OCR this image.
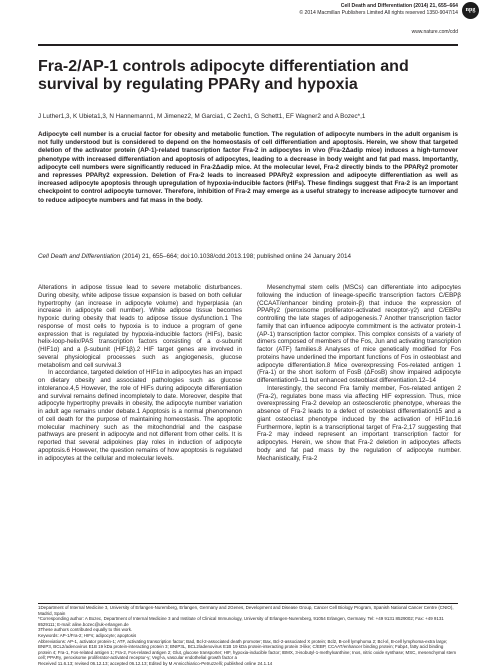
Cell Death and Differentiation (2014) 21, 655–664
© 2014 Macmillan Publishers Limited All rights reserved 1350-9047/14
www.nature.com/cdd
npg
Fra-2/AP-1 controls adipocyte differentiation and survival by regulating PPARγ and hypoxia
J Luther1,3, K Ubieta1,3, N Hannemann1, M Jimenez2, M Garcia1, C Zech1, G Schett1, EF Wagner2 and A Bozec*,1

Adipocyte cell number is a crucial factor for obesity and metabolic function. The regulation of adipocyte numbers in the adult organism is not fully understood but is considered to depend on the homeostasis of cell differentiation and apoptosis. Herein, we show that targeted deletion of the activator protein (AP-1)-related transcription factor Fra-2 in adipocytes in vivo (Fra-2Δadip mice) induces a high-turnover phenotype with increased differentiation and apoptosis of adipocytes, leading to a decrease in body weight and fat pad mass. Importantly, adipocyte cell numbers were significantly reduced in Fra-2Δadip mice. At the molecular level, Fra-2 directly binds to the PPARγ2 promoter and represses PPARγ2 expression. Deletion of Fra-2 leads to increased PPARγ2 expression and adipocyte differentiation as well as increased adipocyte apoptosis through upregulation of hypoxia-inducible factors (HIFs). These findings suggest that Fra-2 is an important checkpoint to control adipocyte turnover. Therefore, inhibition of Fra-2 may emerge as a useful strategy to increase adipocyte turnover and to reduce adipocyte numbers and fat mass in the body.

Cell Death and Differentiation (2014) 21, 655–664; doi:10.1038/cdd.2013.198; published online 24 January 2014

Alterations in adipose tissue lead to severe metabolic disturbances. During obesity, white adipose tissue expansion is based on both cellular hypertrophy (an increase in adipocyte volume) and hyperplasia (an increase in adipocyte cell number). White adipose tissue becomes hypoxic during obesity that leads to adipose tissue dysfunction.1 The response of most cells to hypoxia is to induce a program of gene expression that is regulated by hypoxia-inducible factors (HIFs), basic helix-loop-helix/PAS transcription factors consisting of a α-subunit (HIF1α) and a β-subunit (HIF1β).2 HIF target genes are involved in several physiological processes such as angiogenesis, glucose metabolism and cell survival.3

In accordance, targeted deletion of HIF1α in adipocytes has an impact on dietary obesity and associated pathologies such as glucose intolerance.4,5 However, the role of HIFs during adipocyte differentiation and survival remains defined incompletely to date. Moreover, despite that adipocyte hypertrophy prevails in obesity, the adipocyte number variation in adult age remains under debate.1 Apoptosis is a normal phenomenon of cell death for the purpose of maintaining homeostasis. The apoptotic molecular machinery such as the mitochondrial and the caspase pathways are present in adipocyte and not different from other cells. It is reported that several adipokines play roles in induction of adipocyte apoptosis.6 However, the question remains of how apoptosis is regulated in adipocytes at the cellular and molecular levels.

Mesenchymal stem cells (MSCs) can differentiate into adipocytes following the induction of lineage-specific transcription factors C/EBPβ (CCAAT/enhancer binding protein-β) that induce the expression of PPARγ2 (peroxisome proliferator-activated receptor-γ2) and C/EBPα controlling the late stages of adipogenesis.7 Another transcription factor family that can influence adipocyte commitment is the activator protein-1 (AP-1) transcription factor complex. This complex consists of a variety of dimers composed of members of the Fos, Jun and activating transcription factor (ATF) families.8 Analyses of mice genetically modified for Fos proteins have underlined the important functions of Fos in osteoblast and adipocyte differentiation.8 Mice overexpressing Fos-related antigen 1 (Fra-1) or the short isoform of FosB (ΔFosB) show impaired adipocyte differentiation9–11 but enhanced osteoblast differentiation.12–14

Interestingly, the second Fra family member, Fos-related antigen 2 (Fra-2), regulates bone mass via affecting HIF expression. Thus, mice overexpressing Fra-2 develop an osteosclerotic phenotype, whereas the absence of Fra-2 leads to a defect of osteoblast differentiation15 and a giant osteoclast phenotype induced by the activation of HIF1α.16 Furthermore, leptin is a transcriptional target of Fra-2,17 suggesting that Fra-2 may indeed represent an important transcription factor for adipocytes. Herein, we show that Fra-2 deletion in adipocytes affects body and fat pad mass by the regulation of adipocyte number. Mechanistically, Fra-2

1Department of Internal Medicine 3, University of Erlangen-Nuremberg, Erlangen, Germany and 2Genes, Development and Disease Group, Cancer Cell Biology Program, Spanish National Cancer Centre (CNIO), Madrid, Spain
*Corresponding author: A Bozec, Department of Internal Medicine 3 and Institute of Clinical Immunology, University of Erlangen-Nuremberg, 91054 Erlangen, Germany. Tel: +49 9131 8529002; Fax: +49 9131 8529111; E-mail: aline.bozec@uk-erlangen.de
3These authors contributed equally to this work.
Keywords: AP-1/Fra-2; HIFs; adipocyte; apoptosis
Abbreviations: AP-1, activator protein-1; ATF, activating transcription factor; Bad, Bcl-2-associated death promoter; Bax, Bcl-2-associated X protein; Bcl2, B-cell lymphoma 2; Bcl-xl, B-cell lymphoma-extra large; BNIP3, BCL2/adenovirus E1B 19 kDa protein-interacting protein 3; BNIP3L, BCL2/adenovirus E1B 19 kDa protein-interacting protein 3-like; C/EBP, CCAAT/enhancer binding protein; Fabp4, fatty acid binding protein 4; Fra-1, Fos-related antigen 1; Fra-2, Fos-related antigen 2; Glut, glucose transporter; HIF, hypoxia-inducible factor; IBMX, 3-isobutyl-1-methylxanthine; Inos, nitric oxide synthase; MSC, mesenchymal stem cell; PPARγ, peroxisome proliferator-activated receptor-γ; Vegf-a, vascular endothelial growth factor a
Received 11.6.13; revised 06.12.13; accepted 06.12.13; Edited by M Annicchiarico-Petruzzelli; published online 24.1.14
